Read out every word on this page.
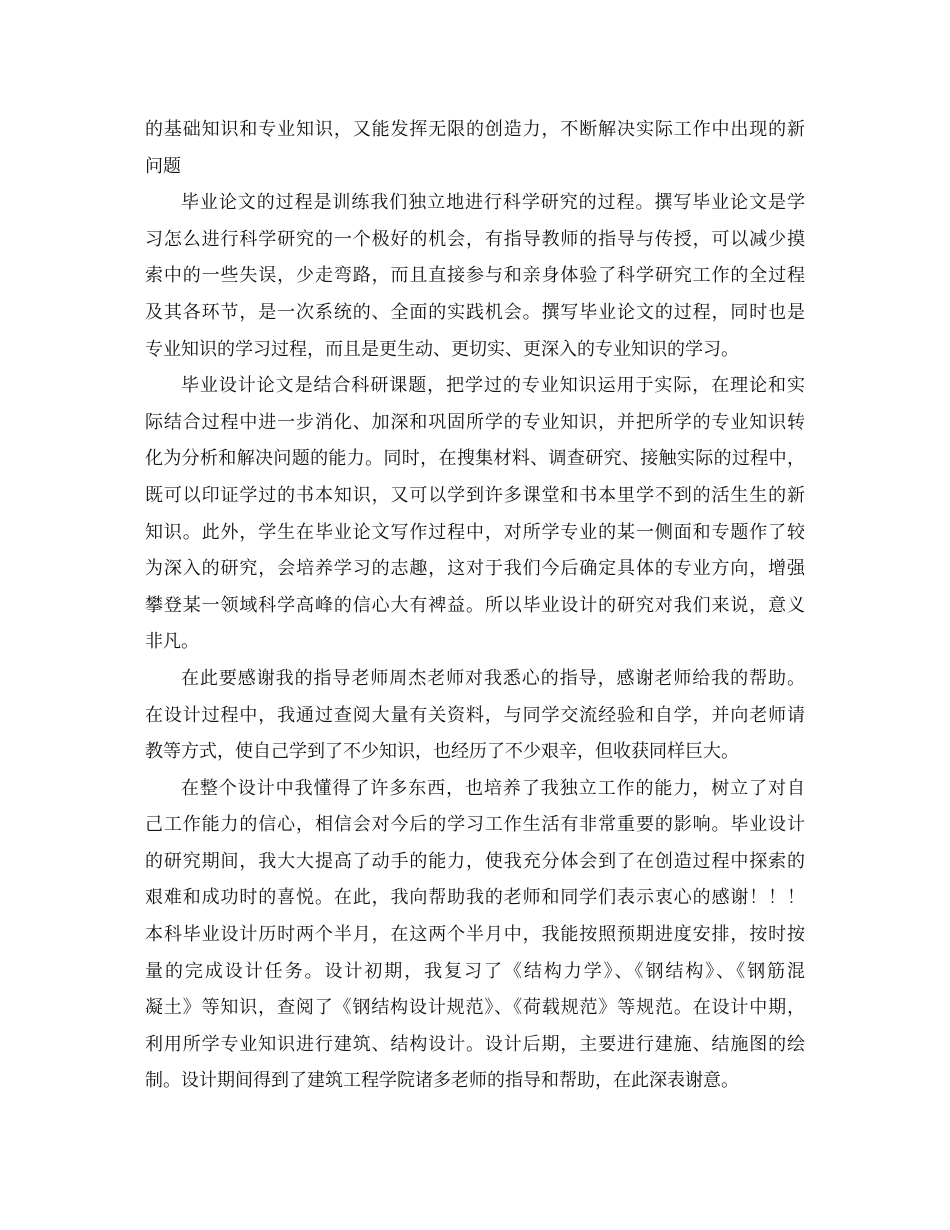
的基础知识和专业知识，又能发挥无限的创造力，不断解决实际工作中出现的新
问题
毕业论文的过程是训练我们独立地进行科学研究的过程。撰写毕业论文是学
习怎么进行科学研究的一个极好的机会，有指导教师的指导与传授，可以减少摸
索中的一些失误，少走弯路，而且直接参与和亲身体验了科学研究工作的全过程
及其各环节，是一次系统的、全面的实践机会。撰写毕业论文的过程，同时也是
专业知识的学习过程，而且是更生动、更切实、更深入的专业知识的学习。
毕业设计论文是结合科研课题，把学过的专业知识运用于实际，在理论和实
际结合过程中进一步消化、加深和巩固所学的专业知识，并把所学的专业知识转
化为分析和解决问题的能力。同时，在搜集材料、调查研究、接触实际的过程中，
既可以印证学过的书本知识，又可以学到许多课堂和书本里学不到的活生生的新
知识。此外，学生在毕业论文写作过程中，对所学专业的某一侧面和专题作了较
为深入的研究，会培养学习的志趣，这对于我们今后确定具体的专业方向，增强
攀登某一领域科学高峰的信心大有裨益。所以毕业设计的研究对我们来说，意义
非凡。
在此要感谢我的指导老师周杰老师对我悉心的指导，感谢老师给我的帮助。
在设计过程中，我通过查阅大量有关资料，与同学交流经验和自学，并向老师请
教等方式，使自己学到了不少知识，也经历了不少艰辛，但收获同样巨大。
在整个设计中我懂得了许多东西，也培养了我独立工作的能力，树立了对自
己工作能力的信心，相信会对今后的学习工作生活有非常重要的影响。毕业设计
的研究期间，我大大提高了动手的能力，使我充分体会到了在创造过程中探索的
艰难和成功时的喜悦。在此，我向帮助我的老师和同学们表示衷心的感谢！！！
本科毕业设计历时两个半月，在这两个半月中，我能按照预期进度安排，按时按
量的完成设计任务。设计初期，我复习了《结构力学》、《钢结构》、《钢筋混
凝土》等知识，查阅了《钢结构设计规范》、《荷载规范》等规范。在设计中期，
利用所学专业知识进行建筑、结构设计。设计后期，主要进行建施、结施图的绘
制。设计期间得到了建筑工程学院诸多老师的指导和帮助，在此深表谢意。
